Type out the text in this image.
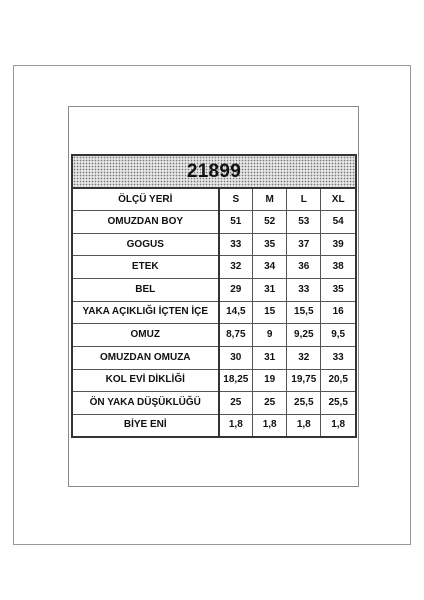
21899
ÖLÇÜ YERİ	S	M	L	XL
OMUZDAN BOY	51	52	53	54
GOGUS	33	35	37	39
ETEK	32	34	36	38
BEL	29	31	33	35
YAKA AÇIKLIĞI İÇTEN İÇE	14,5	15	15,5	16
OMUZ	8,75	9	9,25	9,5
OMUZDAN OMUZA	30	31	32	33
KOL EVİ DİKLİĞİ	18,25	19	19,75	20,5
ÖN YAKA DÜŞÜKLÜĞÜ	25	25	25,5	25,5
BİYE ENİ	1,8	1,8	1,8	1,8
